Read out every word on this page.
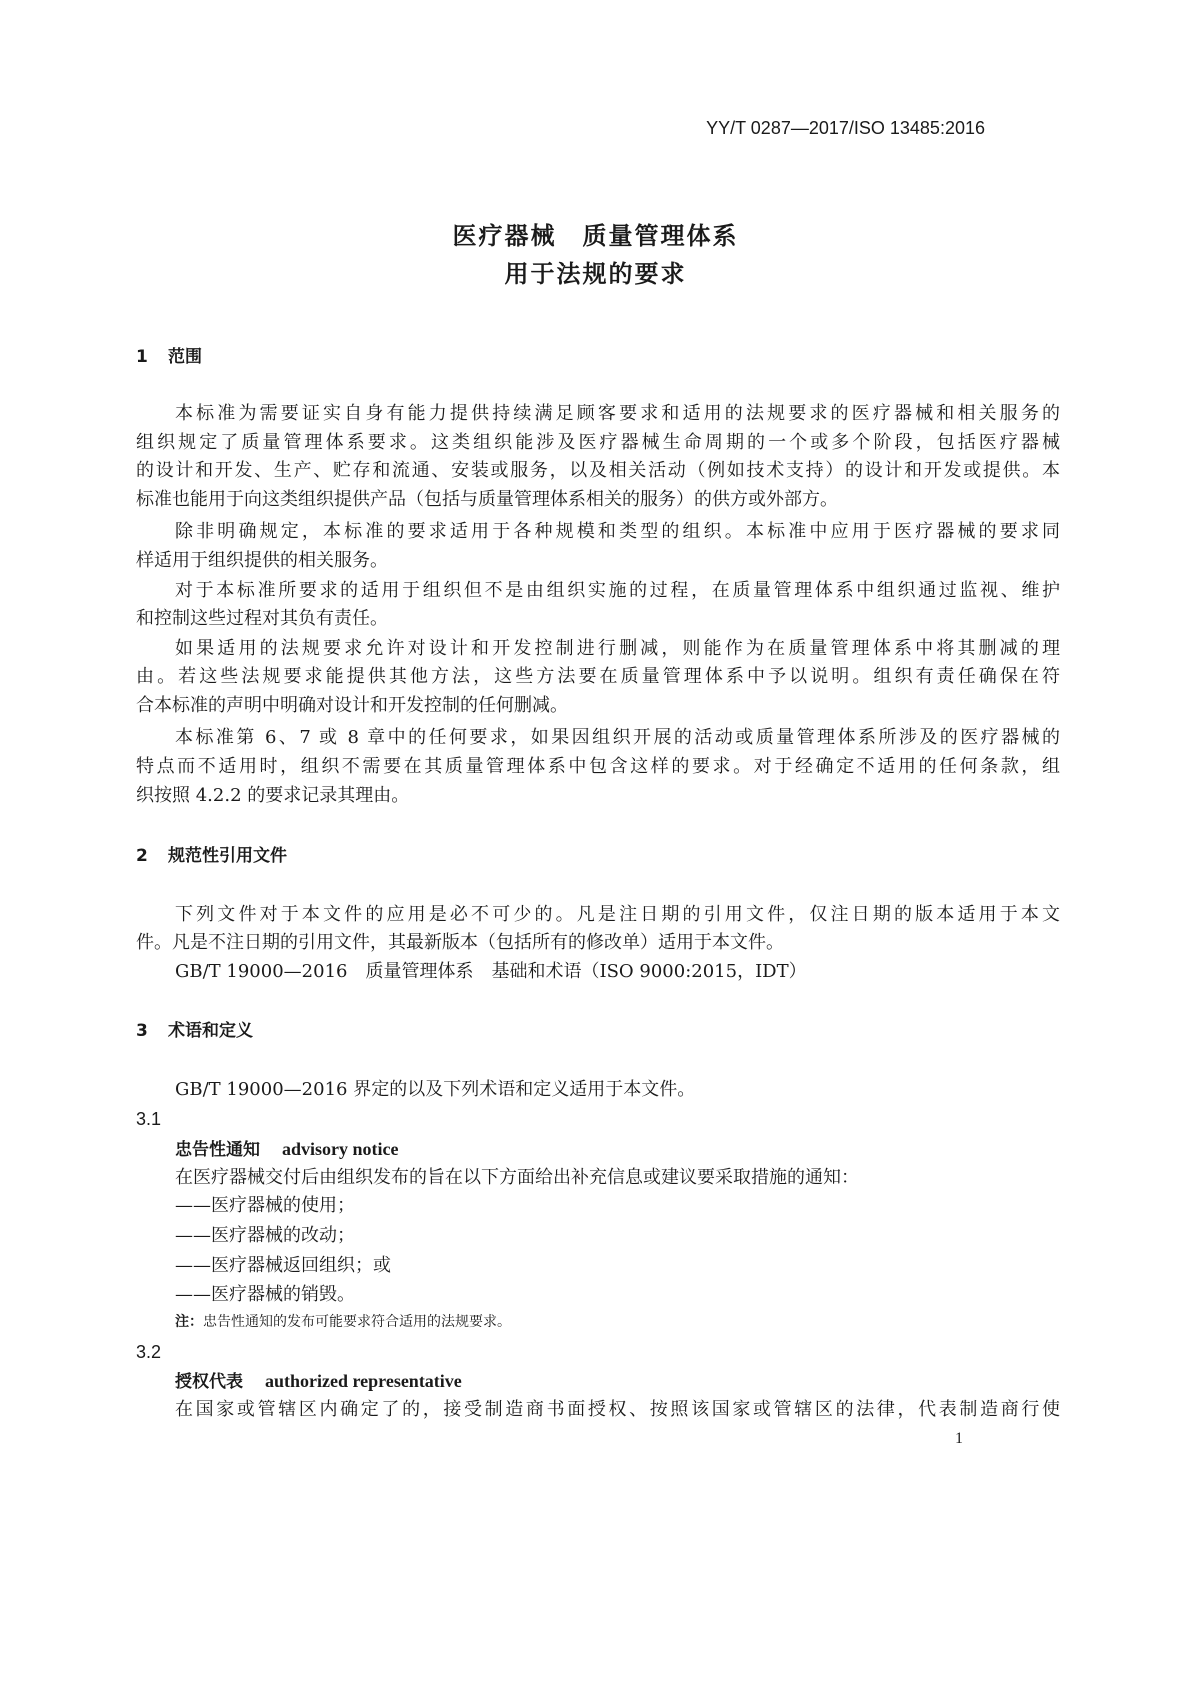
YY/T 0287—2017/ISO 13485:2016
医疗器械　质量管理体系
用于法规的要求
1 范围
本标准为需要证实自身有能力提供持续满足顾客要求和适用的法规要求的医疗器械和相关服务的
组织规定了质量管理体系要求。这类组织能涉及医疗器械生命周期的一个或多个阶段，包括医疗器械
的设计和开发、生产、贮存和流通、安装或服务，以及相关活动（例如技术支持）的设计和开发或提供。本
标准也能用于向这类组织提供产品（包括与质量管理体系相关的服务）的供方或外部方。
除非明确规定，本标准的要求适用于各种规模和类型的组织。本标准中应用于医疗器械的要求同
样适用于组织提供的相关服务。
对于本标准所要求的适用于组织但不是由组织实施的过程，在质量管理体系中组织通过监视、维护
和控制这些过程对其负有责任。
如果适用的法规要求允许对设计和开发控制进行删减，则能作为在质量管理体系中将其删减的理
由。若这些法规要求能提供其他方法，这些方法要在质量管理体系中予以说明。组织有责任确保在符
合本标准的声明中明确对设计和开发控制的任何删减。
本标准第 6、7 或 8 章中的任何要求，如果因组织开展的活动或质量管理体系所涉及的医疗器械的
特点而不适用时，组织不需要在其质量管理体系中包含这样的要求。对于经确定不适用的任何条款，组
织按照 4.2.2 的要求记录其理由。
2 规范性引用文件
下列文件对于本文件的应用是必不可少的。凡是注日期的引用文件，仅注日期的版本适用于本文
件。凡是不注日期的引用文件，其最新版本（包括所有的修改单）适用于本文件。
GB/T 19000—2016　质量管理体系　基础和术语（ISO 9000:2015，IDT）
3 术语和定义
GB/T 19000—2016 界定的以及下列术语和定义适用于本文件。
3.1
忠告性通知 advisory notice
在医疗器械交付后由组织发布的旨在以下方面给出补充信息或建议要采取措施的通知：
——医疗器械的使用；
——医疗器械的改动；
——医疗器械返回组织；或
——医疗器械的销毁。
注：忠告性通知的发布可能要求符合适用的法规要求。
3.2
授权代表 authorized representative
在国家或管辖区内确定了的，接受制造商书面授权、按照该国家或管辖区的法律，代表制造商行使
1
